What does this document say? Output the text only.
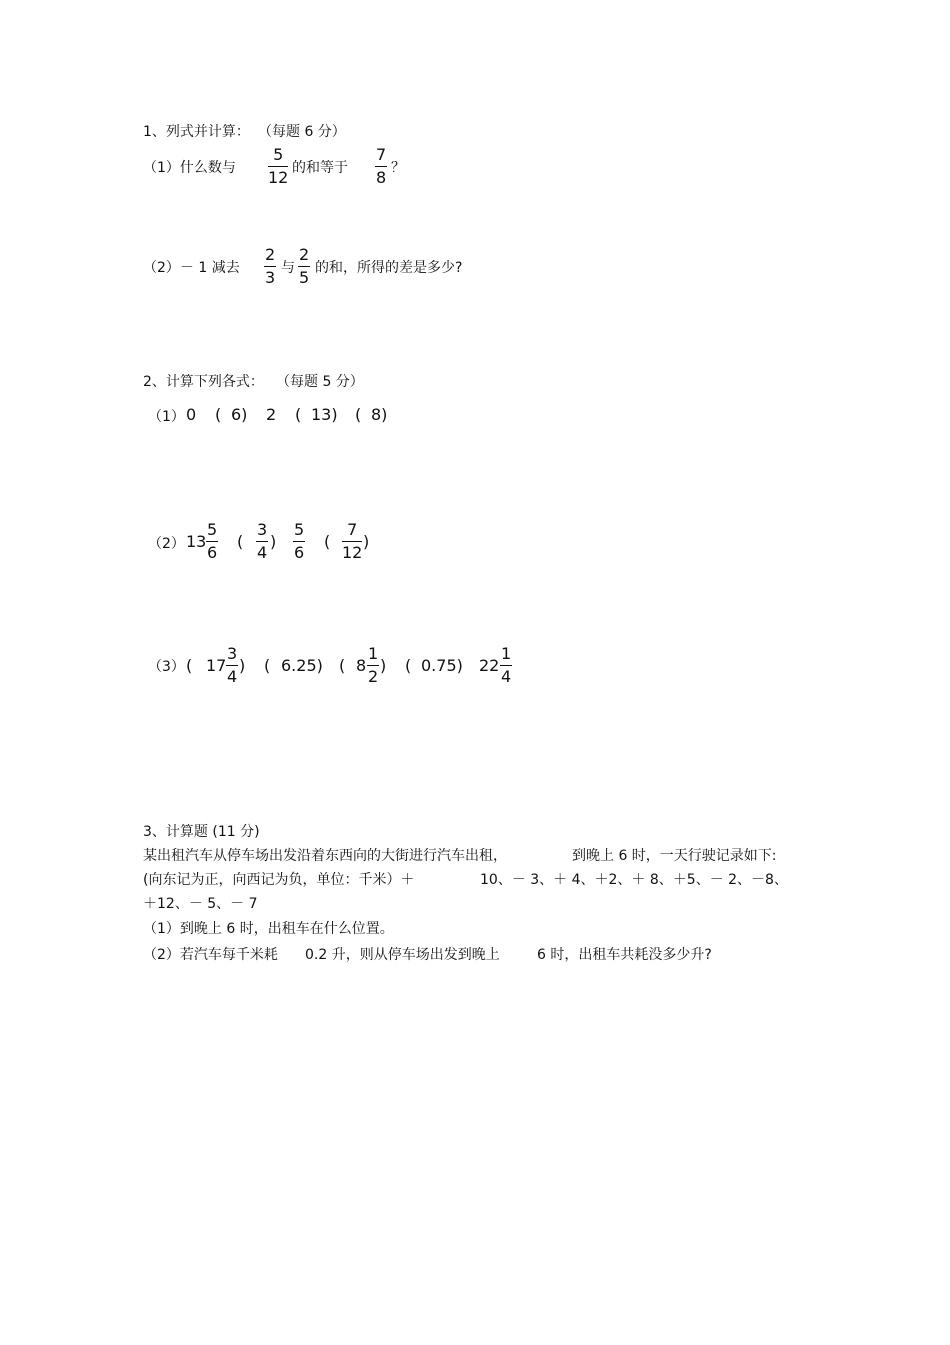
1、列式并计算： （每题 6 分）
（1）什么数与
5
12 的和等于
7
8 ？
（2）－ 1 减去
2
3 与
2
5 的和，所得的差是多少?
2、计算下列各式： （每题 5 分）
（1） 0 ( 6) 2 ( 13) ( 8)
（2） 13
5
6
(
3
4
)
5
6
(
7
12
)
（3） ( 17
3
4
) ( 6.25) ( 8
1
2
) ( 0.75) 22
1
4
3、计算题 (11 分)
某出租汽车从停车场出发沿着东西向的大街进行汽车出租，	到晚上 6 时，一天行驶记录如下:
(向东记为正，向西记为负，单位：千米）＋	10、－ 3、＋ 4、＋2、＋ 8、＋5、－ 2、－8、
＋12、－ 5、－ 7
（1）到晚上 6 时，出租车在什么位置。
（2）若汽车每千米耗 0.2 升，则从停车场出发到晚上	6 时，出租车共耗没多少升?
